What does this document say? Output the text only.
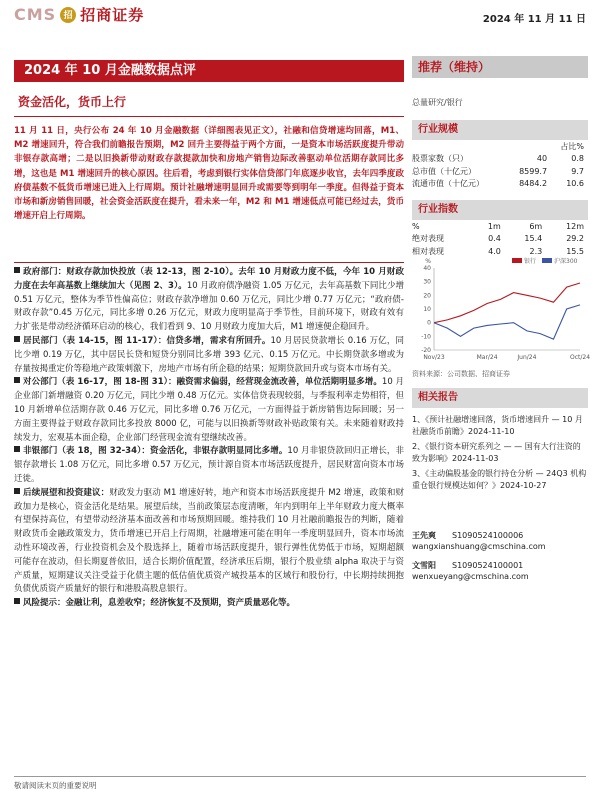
CMS 招 招商证券	2024 年 11 月 11 日
2024 年 10 月金融数据点评
资金活化，货币上行
11 月 11 日，央行公布 24 年 10 月金融数据（详细图表见正文），社融和信贷增速均回落，M1、M2 增速回升，符合我们前瞻报告预期，M2 回升主要得益于两个方面，一是资本市场活跃度提升带动非银存款高增；二是以旧换新带动财政存款提款加快和房地产销售边际改善驱动单位活期存款同比多增，这也是 M1 增速回升的核心原因。往后看，考虑到银行实体信贷部门年底逐步收官，去年四季度政府债基数不低货币增速已进入上行周期。预计社融增速明显回升或需要等到明年一季度。但得益于资本市场和新房销售回暖，社会资金活跃度在提升，看未来一年，M2 和 M1 增速低点可能已经过去，货币增速开启上行周期。
政府部门：财政存款加快投放（表 12-13，图 2-10）。去年 10 月财政力度不低，今年 10 月财政力度在去年高基数上继续加大（见图 2、3）。10 月政府债净融资 1.05 万亿元，去年高基数下同比少增 0.51 万亿元，整体为季节性偏高位；财政存款净增加 0.60 万亿元，同比少增 0.77 万亿元；“政府债-财政存款”0.45 万亿元，同比多增 0.26 万亿元，财政力度明显高于季节性，目前环境下，财政有效有力扩张是带动经济循环启动的核心，我们看到 9、10 月财政力度加大后，M1 增速便企稳回升。
居民部门（表 14-15，图 11-17）：信贷多增，需求有所回升。10 月居民贷款增长 0.16 万亿，同比少增 0.19 万亿，其中居民长贷和短贷分别同比多增 393 亿元、0.15 万亿元。中长期贷款多增或为存量按揭重定价等稳地产政策刺激下，房地产市场有所企稳的结果；短期贷款回升或与资本市场有关。
对公部门（表 16-17，图 18-图 31）：融资需求偏弱，经营现金流改善，单位活期明显多增。10 月企业部门新增融资 0.20 万亿元，同比少增 0.48 万亿元。实体信贷表现较弱，与季报利率走势相符，但 10 月新增单位活期存款 0.46 万亿元，同比多增 0.76 万亿元，一方面得益于新房销售边际回暖；另一方面主要得益于财政存款同比多投放 8000 亿，可能与以旧换新等财政补贴政策有关。未来随着财政持续发力，宏观基本面企稳，企业部门经营现金流有望继续改善。
非银部门（表 18，图 32-34）：资金活化，非银存款明显同比多增。10 月非银贷款回归正增长，非银存款增长 1.08 万亿元，同比多增 0.57 万亿元，预计源自资本市场活跃度提升，居民财富向资本市场迁徙。
后续展望和投资建议：财政发力驱动 M1 增速好转，地产和资本市场活跃度提升 M2 增速，政策和财政加力是核心，资金活化是结果。展望后续，当前政策层态度清晰，年内到明年上半年财政力度大概率有望保持高位，有望带动经济基本面改善和市场预期回暖。维持我们 10 月社融前瞻报告的判断，随着财政货币金融政策发力，货币增速已开启上行周期，社融增速可能在明年一季度明显回升，资本市场流动性环境改善，行业投资机会及个股选择上，随着市场活跃度提升，银行弹性优势低于市场，短期超额可能存在波动，但长期夏普依旧，适合长期价值配置，经济承压后期，银行个股业绩 alpha 取决于与资产质量，短期建议关注受益于化债主题的低估值优质资产城投基本的区域行和股份行，中长期持续拥抱负债优质资产质量好的银行和港股高股息银行。
风险提示：金融让利，息差收窄；经济恢复不及预期，资产质量恶化等。
推荐（维持）
总量研究/银行
行业规模
		占比%
股票家数（只）	40	0.8
总市值（十亿元）	8599.7	9.7
流通市值（十亿元）	8484.2	10.6
行业指数
%	1m	6m	12m
绝对表现	0.4	15.4	29.2
相对表现	4.0	2.3	15.5
银行	沪深300
%
40
30
20
10
0
-10
-20
Nov/23	Mar/24	Jun/24	Oct/24
资料来源：公司数据、招商证券
相关报告
1、《预计社融增速回落，货币增速回升 — 10 月社融货币前瞻》2024-11-10
2、《银行资本研究系列之 — — 国有大行注资的致为影响》2024-11-03
3、《主动偏股基金的银行持仓分析 — 24Q3 机构重仓银行规模达如何？》2024-10-27
王先爽 S1090524100006
wangxianshuang@cmschina.com
文雪阳 S1090524100001
wenxueyang@cmschina.com
敬请阅读末页的重要说明
